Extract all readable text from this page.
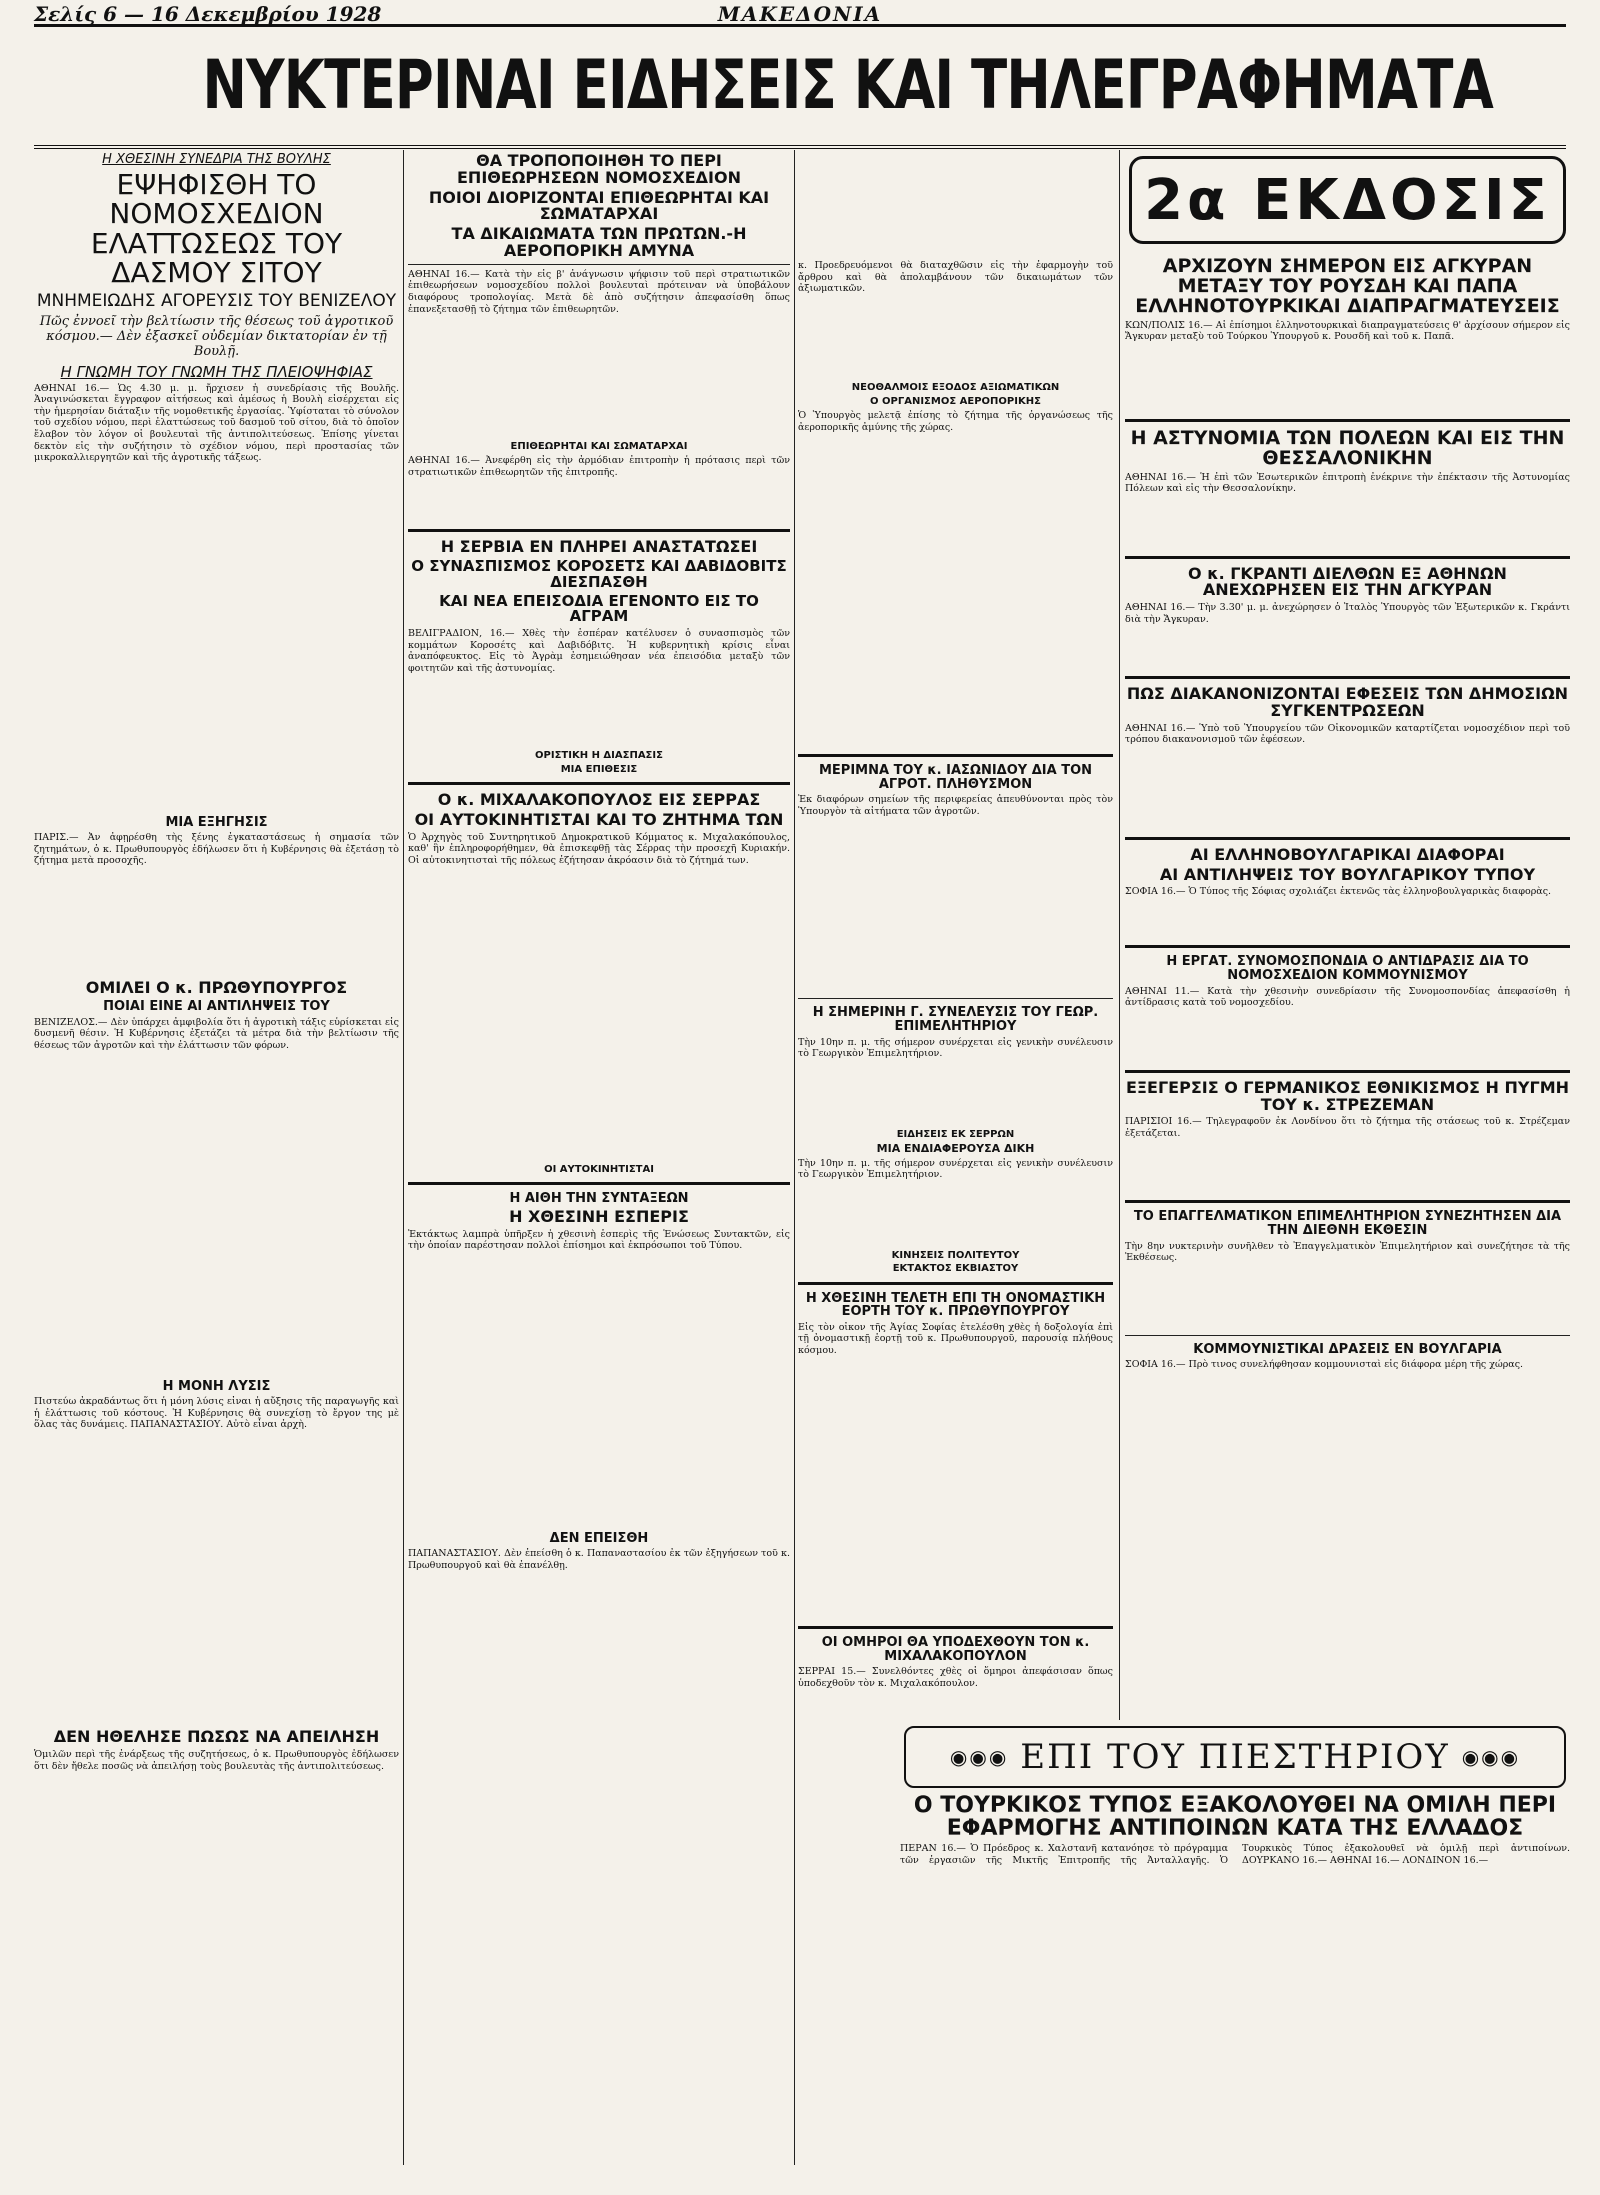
Σελίς 6 — 16 Δεκεμβρίου 1928	ΜΑΚΕΔΟΝΙΑ
ΝΥΚΤΕΡΙΝΑΙ ΕΙΔΗΣΕΙΣ ΚΑΙ ΤΗΛΕΓΡΑΦΗΜΑΤΑ
Η ΧΘΕΣΙΝΗ ΣΥΝΕΔΡΙΑ ΤΗΣ ΒΟΥΛΗΣ
ΕΨΗΦΙΣΘΗ ΤΟ ΝΟΜΟΣΧΕΔΙΟΝ ΕΛΑΤΤΩΣΕΩΣ ΤΟΥ ΔΑΣΜΟΥ ΣΙΤΟΥ
ΜΝΗΜΕΙΩΔΗΣ ΑΓΟΡΕΥΣΙΣ ΤΟΥ ΒΕΝΙΖΕΛΟΥ
Πῶς ἐννοεῖ τὴν βελτίωσιν τῆς θέσεως τοῦ ἀγροτικοῦ κόσμου.— Δὲν ἐξασκεῖ οὐδεμίαν δικτατορίαν ἐν τῇ Βουλῇ.
Η ΓΝΩΜΗ ΤΟΥ ΓΝΩΜΗ ΤΗΣ ΠΛΕΙΟΨΗΦΙΑΣ
ΑΘΗΝΑΙ 16.— Ὡς 4.30 μ. μ. ἤρχισεν ἡ συνεδρίασις τῆς Βουλῆς. Ἀναγινώσκεται ἔγγραφον αἰτήσεως καὶ ἀμέσως ἡ Βουλὴ εἰσέρχεται εἰς τὴν ἡμερησίαν διάταξιν τῆς νομοθετικῆς ἐργασίας. Ὑφίσταται τὸ σύνολον τοῦ σχεδίου νόμου, περὶ ἐλαττώσεως τοῦ δασμοῦ τοῦ σίτου, διὰ τὸ ὁποῖον ἔλαβον τὸν λόγον οἱ βουλευταὶ τῆς ἀντιπολιτεύσεως. Ἐπίσης γίνεται δεκτὸν εἰς τὴν συζήτησιν τὸ σχέδιον νόμου, περὶ προστασίας τῶν μικροκαλλιεργητῶν καὶ τῆς ἀγροτικῆς τάξεως.
ΜΙΑ ΕΞΗΓΗΣΙΣ
ΠΑΡΙΣ.— Ἀν ἀφῃρέσθη τὴς ξένης ἐγκαταστάσεως ἡ σημασία τῶν ζητημάτων, ὁ κ. Πρωθυπουργὸς ἐδήλωσεν ὅτι ἡ Κυβέρνησις θὰ ἐξετάσῃ τὸ ζήτημα μετὰ προσοχῆς.
ΟΜΙΛΕΙ Ο κ. ΠΡΩΘΥΠΟΥΡΓΟΣ
ΠΟΙΑΙ ΕΙΝΕ ΑΙ ΑΝΤΙΛΗΨΕΙΣ ΤΟΥ
ΒΕΝΙΖΕΛΟΣ.— Δὲν ὑπάρχει ἀμφιβολία ὅτι ἡ ἀγροτικὴ τάξις εὑρίσκεται εἰς δυσμενῆ θέσιν. Ἡ Κυβέρνησις ἐξετάζει τὰ μέτρα διὰ τὴν βελτίωσιν τῆς θέσεως τῶν ἀγροτῶν καὶ τὴν ἐλάττωσιν τῶν φόρων.
Η ΜΟΝΗ ΛΥΣΙΣ
Πιστεύω ἀκραδάντως ὅτι ἡ μόνη λύσις εἶναι ἡ αὔξησις τῆς παραγωγῆς καὶ ἡ ἐλάττωσις τοῦ κόστους. Ἡ Κυβέρνησις θὰ συνεχίσῃ τὸ ἔργον της μὲ ὅλας τὰς δυνάμεις. ΠΑΠΑΝΑΣΤΑΣΙΟΥ. Αὐτὸ εἶναι ἀρχὴ.
ΔΕΝ ΗΘΕΛΗΣΕ ΠΩΣΩΣ ΝΑ ΑΠΕΙΛΗΣΗ
Ὁμιλῶν περὶ τῆς ἐνάρξεως τῆς συζητήσεως, ὁ κ. Πρωθυπουργὸς ἐδήλωσεν ὅτι δὲν ἤθελε ποσῶς νὰ ἀπειλήσῃ τοὺς βουλευτὰς τῆς ἀντιπολιτεύσεως.
ΘΑ ΤΡΟΠΟΠΟΙΗΘΗ ΤΟ ΠΕΡΙ ΕΠΙΘΕΩΡΗΣΕΩΝ ΝΟΜΟΣΧΕΔΙΟΝ
ΠΟΙΟΙ ΔΙΟΡΙΖΟΝΤΑΙ ΕΠΙΘΕΩΡΗΤΑΙ ΚΑΙ ΣΩΜΑΤΑΡΧΑΙ
ΤΑ ΔΙΚΑΙΩΜΑΤΑ ΤΩΝ ΠΡΩΤΩΝ.-Η ΑΕΡΟΠΟΡΙΚΗ ΑΜΥΝΑ
ΑΘΗΝΑΙ 16.— Κατὰ τὴν εἰς β' ἀνάγνωσιν ψήφισιν τοῦ περὶ στρατιωτικῶν ἐπιθεωρήσεων νομοσχεδίου πολλοὶ βουλευταὶ πρότειναν νὰ ὑποβάλουν διαφόρους τροπολογίας. Μετὰ δὲ ἀπὸ συζήτησιν ἀπεφασίσθη ὅπως ἐπανεξετασθῇ τὸ ζήτημα τῶν ἐπιθεωρητῶν.
ΕΠΙΘΕΩΡΗΤΑΙ ΚΑΙ ΣΩΜΑΤΑΡΧΑΙ
ΑΘΗΝΑΙ 16.— Ἀνεφέρθη εἰς τὴν ἀρμόδιαν ἐπιτροπὴν ἡ πρότασις περὶ τῶν στρατιωτικῶν ἐπιθεωρητῶν τῆς ἐπιτροπῆς.
Η ΣΕΡΒΙΑ ΕΝ ΠΛΗΡΕΙ ΑΝΑΣΤΑΤΩΣΕΙ
Ο ΣΥΝΑΣΠΙΣΜΟΣ ΚΟΡΟΣΕΤΣ ΚΑΙ ΔΑΒΙΔΟΒΙΤΣ ΔΙΕΣΠΑΣΘΗ
ΚΑΙ ΝΕΑ ΕΠΕΙΣΟΔΙΑ ΕΓΕΝΟΝΤΟ ΕΙΣ ΤΟ ΑΓΡΑΜ
ΒΕΛΙΓΡΑΔΙΟΝ, 16.— Χθὲς τὴν ἑσπέραν κατέλυσεν ὁ συνασπισμὸς τῶν κομμάτων Κοροσέτς καὶ Δαβιδόβιτς. Ἡ κυβερνητικὴ κρίσις εἶναι ἀναπόφευκτος. Εἰς τὸ Ἀγρὰμ ἐσημειώθησαν νέα ἐπεισόδια μεταξὺ τῶν φοιτητῶν καὶ τῆς ἀστυνομίας.
ΟΡΙΣΤΙΚΗ Η ΔΙΑΣΠΑΣΙΣ
ΜΙΑ ΕΠΙΘΕΣΙΣ
Ο κ. ΜΙΧΑΛΑΚΟΠΟΥΛΟΣ ΕΙΣ ΣΕΡΡΑΣ
ΟΙ ΑΥΤΟΚΙΝΗΤΙΣΤΑΙ ΚΑΙ ΤΟ ΖΗΤΗΜΑ ΤΩΝ
Ὁ Ἀρχηγὸς τοῦ Συντηρητικοῦ Δημοκρατικοῦ Κόμματος κ. Μιχαλακόπουλος, καθ' ἣν ἐπληροφορήθημεν, θὰ ἐπισκεφθῇ τὰς Σέρρας τὴν προσεχῆ Κυριακήν. Οἱ αὐτοκινητισταὶ τῆς πόλεως ἐζήτησαν ἀκρόασιν διὰ τὸ ζήτημά των.
ΟΙ ΑΥΤΟΚΙΝΗΤΙΣΤΑΙ
Η ΑΙΘΗ ΤΗΝ ΣΥΝΤΑΞΕΩΝ
Η ΧΘΕΣΙΝΗ ΕΣΠΕΡΙΣ
Ἐκτάκτως λαμπρὰ ὑπῆρξεν ἡ χθεσινὴ ἑσπερὶς τῆς Ἑνώσεως Συντακτῶν, εἰς τὴν ὁποίαν παρέστησαν πολλοὶ ἐπίσημοι καὶ ἐκπρόσωποι τοῦ Τύπου.
ΔΕΝ ΕΠΕΙΣΘΗ
ΠΑΠΑΝΑΣΤΑΣΙΟΥ. Δὲν ἐπείσθη ὁ κ. Παπαναστασίου ἐκ τῶν ἐξηγήσεων τοῦ κ. Πρωθυπουργοῦ καὶ θὰ ἐπανέλθῃ.
κ. Προεδρευόμενοι θὰ διαταχθῶσιν εἰς τὴν ἐφαρμογὴν τοῦ ἄρθρου καὶ θὰ ἀπολαμβάνουν τῶν δικαιωμάτων τῶν ἀξιωματικῶν.
ΝΕΟΘΑΛΜΟΙΣ ΕΞΟΔΟΣ ΑΞΙΩΜΑΤΙΚΩΝ
Ο ΟΡΓΑΝΙΣΜΟΣ ΑΕΡΟΠΟΡΙΚΗΣ
Ὁ Ὑπουργὸς μελετᾷ ἐπίσης τὸ ζήτημα τῆς ὀργανώσεως τῆς ἀεροπορικῆς ἀμύνης τῆς χώρας.
ΜΕΡΙΜΝΑ ΤΟΥ κ. ΙΑΣΩΝΙΔΟΥ ΔΙΑ ΤΟΝ ΑΓΡΟΤ. ΠΛΗΘΥΣΜΟΝ
Ἐκ διαφόρων σημείων τῆς περιφερείας ἀπευθύνονται πρὸς τὸν Ὑπουργὸν τὰ αἰτήματα τῶν ἀγροτῶν.
Η ΣΗΜΕΡΙΝΗ Γ. ΣΥΝΕΛΕΥΣΙΣ ΤΟΥ ΓΕΩΡ. ΕΠΙΜΕΛΗΤΗΡΙΟΥ
Τὴν 10ην π. μ. τῆς σήμερον συνέρχεται εἰς γενικὴν συνέλευσιν τὸ Γεωργικὸν Ἐπιμελητήριον.
ΕΙΔΗΣΕΙΣ ΕΚ ΣΕΡΡΩΝ
ΜΙΑ ΕΝΔΙΑΦΕΡΟΥΣΑ ΔΙΚΗ
Τὴν 10ην π. μ. τῆς σήμερον συνέρχεται εἰς γενικὴν συνέλευσιν τὸ Γεωργικὸν Ἐπιμελητήριον.
ΚΙΝΗΣΕΙΣ ΠΟΛΙΤΕΥΤΟΥ
ΕΚΤΑΚΤΟΣ ΕΚΒΙΑΣΤΟΥ
Η ΧΘΕΣΙΝΗ ΤΕΛΕΤΗ ΕΠΙ ΤΗ ΟΝΟΜΑΣΤΙΚΗ ΕΟΡΤΗ ΤΟΥ κ. ΠΡΩΘΥΠΟΥΡΓΟΥ
Εἰς τὸν οἶκον τῆς Ἀγίας Σοφίας ἐτελέσθη χθὲς ἡ δοξολογία ἐπὶ τῇ ὀνομαστικῇ ἑορτῇ τοῦ κ. Πρωθυπουργοῦ, παρουσίᾳ πλήθους κόσμου.
ΟΙ ΟΜΗΡΟΙ ΘΑ ΥΠΟΔΕΧΘΟΥΝ ΤΟΝ κ. ΜΙΧΑΛΑΚΟΠΟΥΛΟΝ
ΣΕΡΡΑΙ 15.— Συνελθόντες χθὲς οἱ ὅμηροι ἀπεφάσισαν ὅπως ὑποδεχθοῦν τὸν κ. Μιχαλακόπουλον.
2α ΕΚΔΟΣΙΣ
ΑΡΧΙΖΟΥΝ ΣΗΜΕΡΟΝ ΕΙΣ ΑΓΚΥΡΑΝ ΜΕΤΑΞΥ ΤΟΥ ΡΟΥΣΔΗ ΚΑΙ ΠΑΠΑ ΕΛΛΗΝΟΤΟΥΡΚΙΚΑΙ ΔΙΑΠΡΑΓΜΑΤΕΥΣΕΙΣ
ΚΩΝ/ΠΟΛΙΣ 16.— Αἱ ἐπίσημοι ἑλληνοτουρκικαὶ διαπραγματεύσεις θ' ἀρχίσουν σήμερον εἰς Ἄγκυραν μεταξὺ τοῦ Τούρκου Ὑπουργοῦ κ. Ρουσδῆ καὶ τοῦ κ. Παπᾶ.
Η ΑΣΤΥΝΟΜΙΑ ΤΩΝ ΠΟΛΕΩΝ ΚΑΙ ΕΙΣ ΤΗΝ ΘΕΣΣΑΛΟΝΙΚΗΝ
ΑΘΗΝΑΙ 16.— Ἡ ἐπὶ τῶν Ἐσωτερικῶν ἐπιτροπὴ ἐνέκρινε τὴν ἐπέκτασιν τῆς Ἀστυνομίας Πόλεων καὶ εἰς τὴν Θεσσαλονίκην.
Ο κ. ΓΚΡΑΝΤΙ ΔΙΕΛΘΩΝ ΕΞ ΑΘΗΝΩΝ ΑΝΕΧΩΡΗΣΕΝ ΕΙΣ ΤΗΝ ΑΓΚΥΡΑΝ
ΑΘΗΝΑΙ 16.— Τὴν 3.30' μ. μ. ἀνεχώρησεν ὁ Ἰταλὸς Ὑπουργὸς τῶν Ἐξωτερικῶν κ. Γκράντι διὰ τὴν Ἄγκυραν.
ΠΩΣ ΔΙΑΚΑΝΟΝΙΖΟΝΤΑΙ ΕΦΕΣΕΙΣ ΤΩΝ ΔΗΜΟΣΙΩΝ ΣΥΓΚΕΝΤΡΩΣΕΩΝ
ΑΘΗΝΑΙ 16.— Ὑπὸ τοῦ Ὑπουργείου τῶν Οἰκονομικῶν καταρτίζεται νομοσχέδιον περὶ τοῦ τρόπου διακανονισμοῦ τῶν ἐφέσεων.
ΑΙ ΕΛΛΗΝΟΒΟΥΛΓΑΡΙΚΑΙ ΔΙΑΦΟΡΑΙ
ΑΙ ΑΝΤΙΛΗΨΕΙΣ ΤΟΥ ΒΟΥΛΓΑΡΙΚΟΥ ΤΥΠΟΥ
ΣΟΦΙΑ 16.— Ὁ Τύπος τῆς Σόφιας σχολιάζει ἐκτενῶς τὰς ἑλληνοβουλγαρικὰς διαφορὰς.
Η ΕΡΓΑΤ. ΣΥΝΟΜΟΣΠΟΝΔΙΑ Ο ΑΝΤΙΔΡΑΣΙΣ ΔΙΑ ΤΟ ΝΟΜΟΣΧΕΔΙΟΝ ΚΟΜΜΟΥΝΙΣΜΟΥ
ΑΘΗΝΑΙ 11.— Κατὰ τὴν χθεσινὴν συνεδρίασιν τῆς Συνομοσπονδίας ἀπεφασίσθη ἡ ἀντίδρασις κατὰ τοῦ νομοσχεδίου.
ΕΞΕΓΕΡΣΙΣ Ο ΓΕΡΜΑΝΙΚΟΣ ΕΘΝΙΚΙΣΜΟΣ Η ΠΥΓΜΗ ΤΟΥ κ. ΣΤΡΕΖΕΜΑΝ
ΠΑΡΙΣΙΟΙ 16.— Τηλεγραφοῦν ἐκ Λονδίνου ὅτι τὸ ζήτημα τῆς στάσεως τοῦ κ. Στρέζεμαν ἐξετάζεται.
ΤΟ ΕΠΑΓΓΕΛΜΑΤΙΚΟΝ ΕΠΙΜΕΛΗΤΗΡΙΟΝ ΣΥΝΕΖΗΤΗΣΕΝ ΔΙΑ ΤΗΝ ΔΙΕΘΝΗ ΕΚΘΕΣΙΝ
Τὴν 8ην νυκτερινὴν συνῆλθεν τὸ Ἐπαγγελματικὸν Ἐπιμελητήριον καὶ συνεζήτησε τὰ τῆς Ἐκθέσεως.
ΚΟΜΜΟΥΝΙΣΤΙΚΑΙ ΔΡΑΣΕΙΣ ΕΝ ΒΟΥΛΓΑΡΙΑ
ΣΟΦΙΑ 16.— Πρὸ τινος συνελήφθησαν κομμουνισταὶ εἰς διάφορα μέρη τῆς χώρας.
◉◉◉ ΕΠΙ ΤΟΥ ΠΙΕΣΤΗΡΙΟΥ ◉◉◉
Ο ΤΟΥΡΚΙΚΟΣ ΤΥΠΟΣ ΕΞΑΚΟΛΟΥΘΕΙ ΝΑ ΟΜΙΛΗ ΠΕΡΙ ΕΦΑΡΜΟΓΗΣ ΑΝΤΙΠΟΙΝΩΝ ΚΑΤΑ ΤΗΣ ΕΛΛΑΔΟΣ
ΠΕΡΑΝ 16.— Ὁ Πρόεδρος κ. Χαλστανῆ κατανόησε τὸ πρόγραμμα τῶν ἐργασιῶν τῆς Μικτῆς Ἐπιτροπῆς τῆς Ἀνταλλαγῆς. Ὁ Τουρκικὸς Τύπος ἐξακολουθεῖ νὰ ὁμιλῇ περὶ ἀντιποίνων. ΔΟΥΡΚΑΝΟ 16.— ΑΘΗΝΑΙ 16.— ΛΟΝΔΙΝΟΝ 16.—
